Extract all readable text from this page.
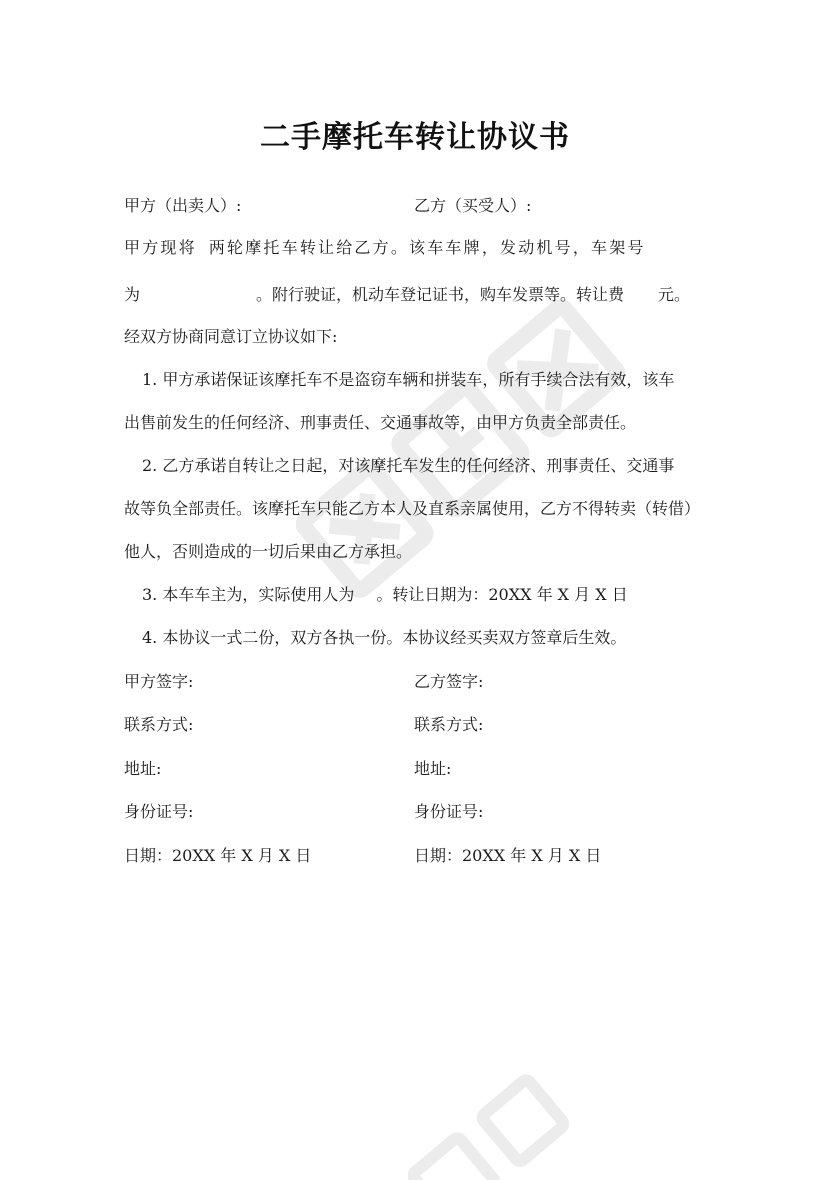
二手摩托车转让协议书
甲方（出卖人）:	乙方（买受人）:
甲方现将 两轮摩托车转让给乙方。该车车牌，发动机号，车架号
为	。附行驶证，机动车登记证书，购车发票等。转让费 元。
经双方协商同意订立协议如下:
1. 甲方承诺保证该摩托车不是盗窃车辆和拼装车，所有手续合法有效，该车
出售前发生的任何经济、刑事责任、交通事故等，由甲方负责全部责任。
2. 乙方承诺自转让之日起，对该摩托车发生的任何经济、刑事责任、交通事
故等负全部责任。该摩托车只能乙方本人及直系亲属使用，乙方不得转卖（转借）
他人，否则造成的一切后果由乙方承担。
3. 本车车主为，实际使用人为 。转让日期为：20XX 年 X 月 X 日
4. 本协议一式二份，双方各执一份。本协议经买卖双方签章后生效。
甲方签字:	乙方签字:
联系方式:	联系方式:
地址:	地址:
身份证号:	身份证号:
日期：20XX 年 X 月 X 日	日期：20XX 年 X 月 X 日
